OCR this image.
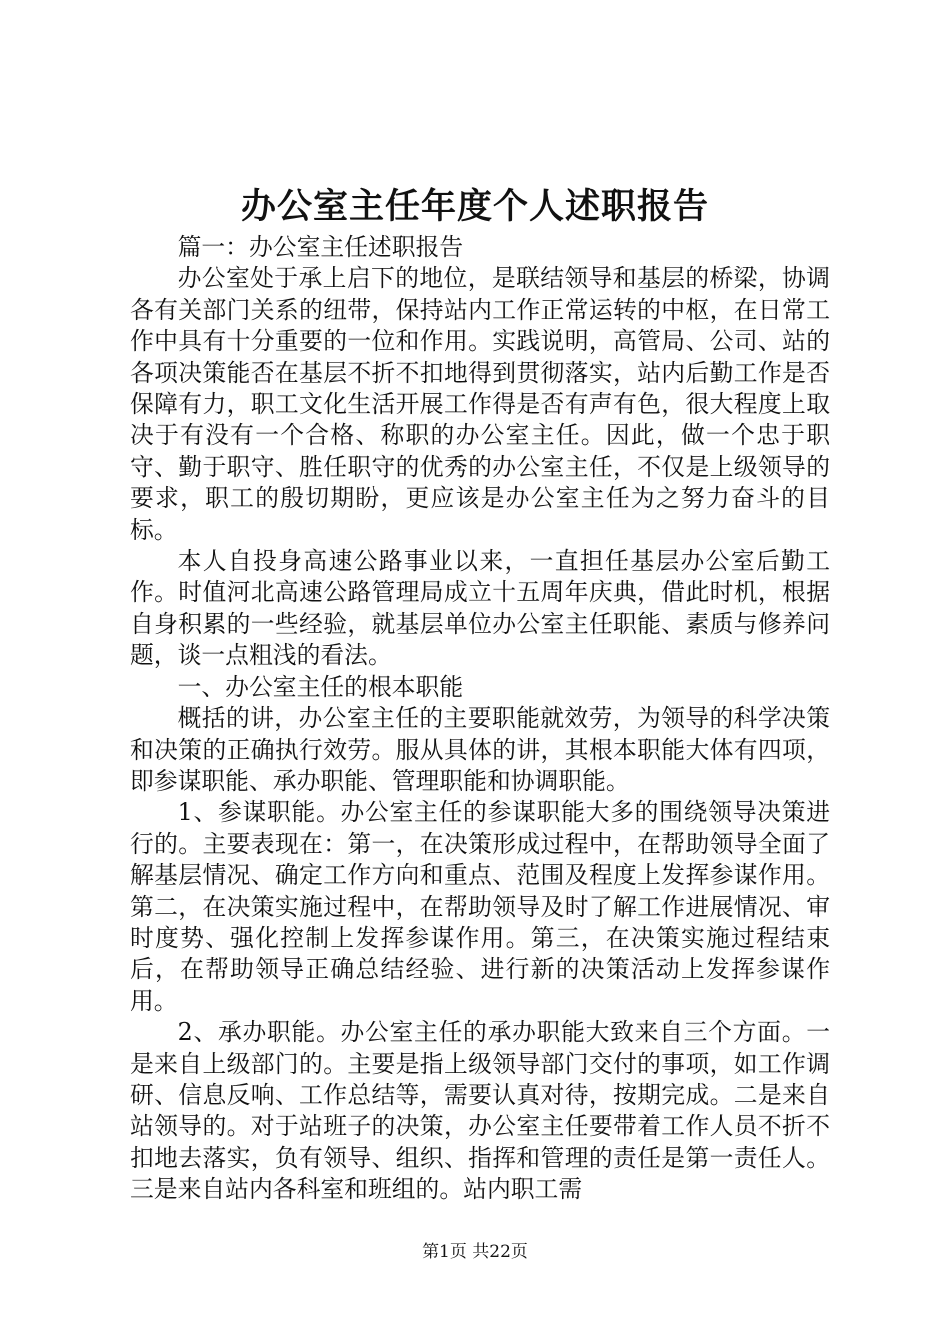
办公室主任年度个人述职报告

篇一：办公室主任述职报告

办公室处于承上启下的地位，是联结领导和基层的桥梁，协调各有关部门关系的纽带，保持站内工作正常运转的中枢，在日常工作中具有十分重要的一位和作用。实践说明，高管局、公司、站的各项决策能否在基层不折不扣地得到贯彻落实，站内后勤工作是否保障有力，职工文化生活开展工作得是否有声有色，很大程度上取决于有没有一个合格、称职的办公室主任。因此，做一个忠于职守、勤于职守、胜任职守的优秀的办公室主任，不仅是上级领导的要求，职工的殷切期盼，更应该是办公室主任为之努力奋斗的目标。

本人自投身高速公路事业以来，一直担任基层办公室后勤工作。时值河北高速公路管理局成立十五周年庆典，借此时机，根据自身积累的一些经验，就基层单位办公室主任职能、素质与修养问题，谈一点粗浅的看法。

一、办公室主任的根本职能

概括的讲，办公室主任的主要职能就效劳，为领导的科学决策和决策的正确执行效劳。服从具体的讲，其根本职能大体有四项，即参谋职能、承办职能、管理职能和协调职能。

1、参谋职能。办公室主任的参谋职能大多的围绕领导决策进行的。主要表现在：第一，在决策形成过程中，在帮助领导全面了解基层情况、确定工作方向和重点、范围及程度上发挥参谋作用。第二，在决策实施过程中，在帮助领导及时了解工作进展情况、审时度势、强化控制上发挥参谋作用。第三，在决策实施过程结束后，在帮助领导正确总结经验、进行新的决策活动上发挥参谋作用。

2、承办职能。办公室主任的承办职能大致来自三个方面。一是来自上级部门的。主要是指上级领导部门交付的事项，如工作调研、信息反响、工作总结等，需要认真对待，按期完成。二是来自站领导的。对于站班子的决策，办公室主任要带着工作人员不折不扣地去落实，负有领导、组织、指挥和管理的责任是第一责任人。三是来自站内各科室和班组的。站内职工需

第1页 共22页
